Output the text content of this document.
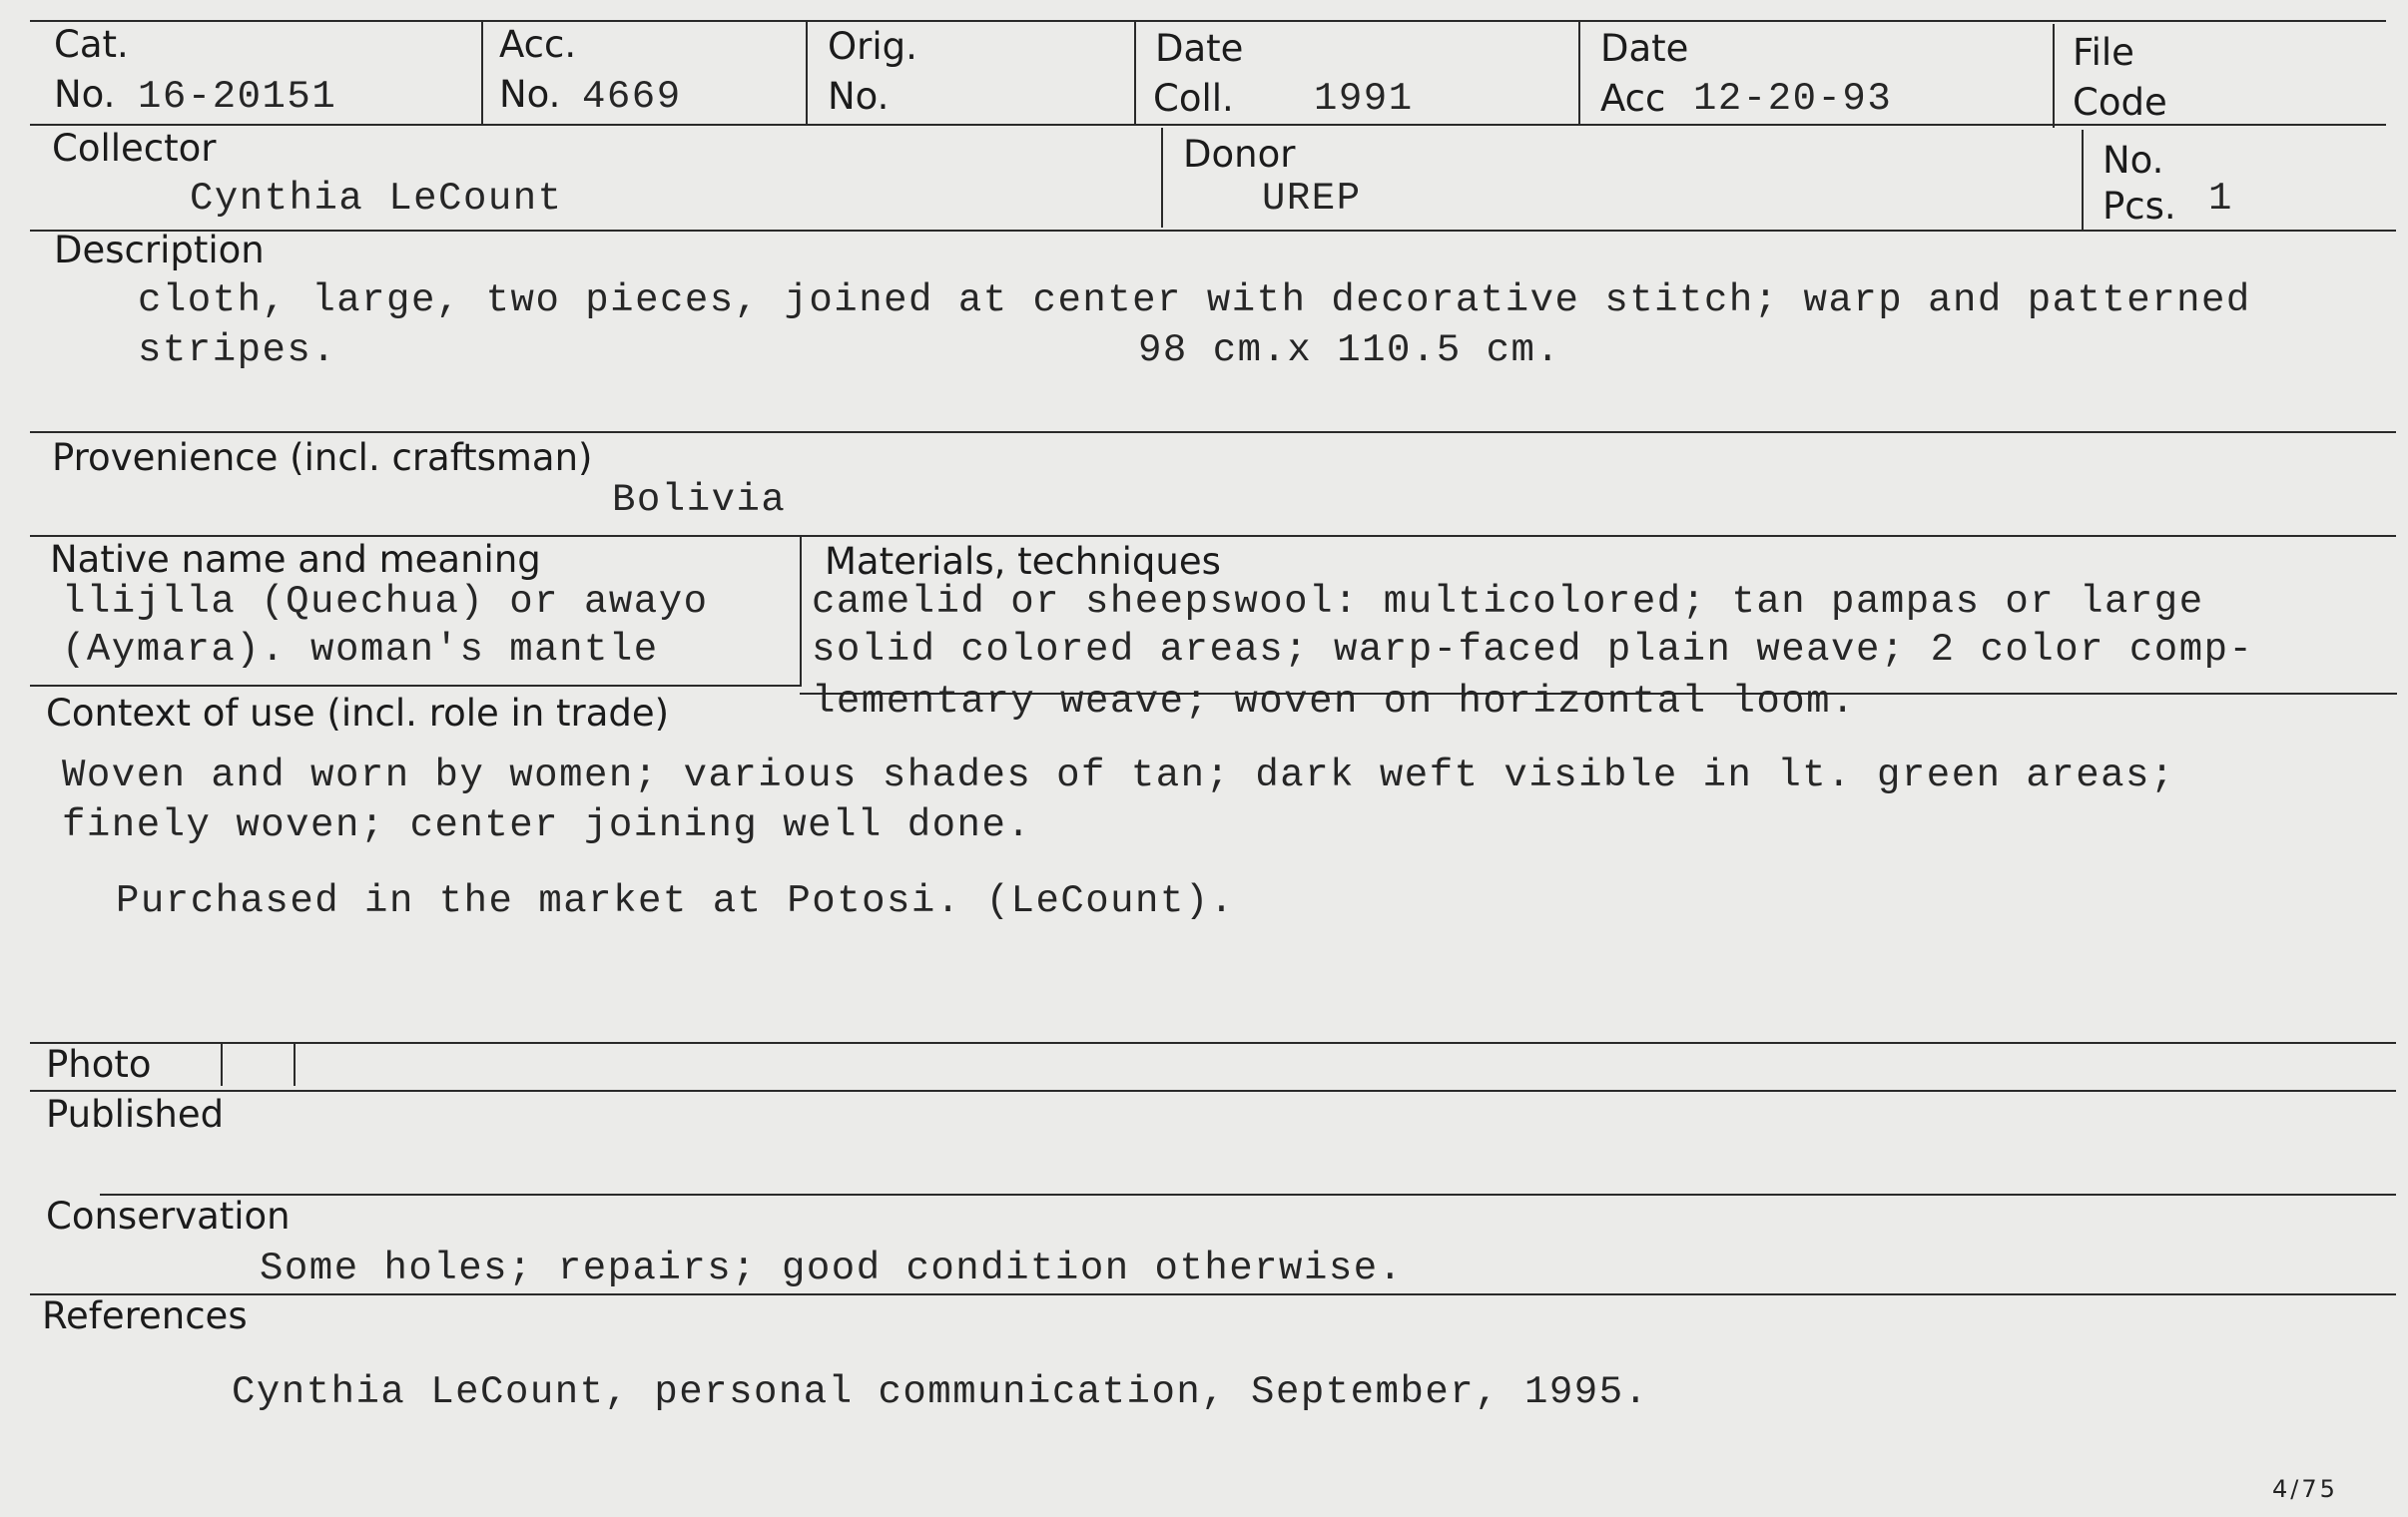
Cat.
No. 16-20151
Acc.
No. 4669
Orig.
No.
Date
Coll. 1991
Date
Acc 12-20-93
File
Code
Collector
Cynthia LeCount
Donor
UREP
No.
Pcs. 1
Description
cloth, large, two pieces, joined at center with decorative stitch; warp and patterned
stripes.	98 cm.x 110.5 cm.
Provenience (incl. craftsman)
Bolivia
Native name and meaning
llijlla (Quechua) or awayo
(Aymara). woman's mantle
Materials, techniques
camelid or sheepswool: multicolored; tan pampas or large
solid colored areas; warp-faced plain weave; 2 color comp-
lementary weave; woven on horizontal loom.
Context of use (incl. role in trade)
Woven and worn by women; various shades of tan; dark weft visible in lt. green areas;
finely woven; center joining well done.
Purchased in the market at Potosi. (LeCount).
Photo
Published
Conservation
Some holes; repairs; good condition otherwise.
References
Cynthia LeCount, personal communication, September, 1995.
4/75
